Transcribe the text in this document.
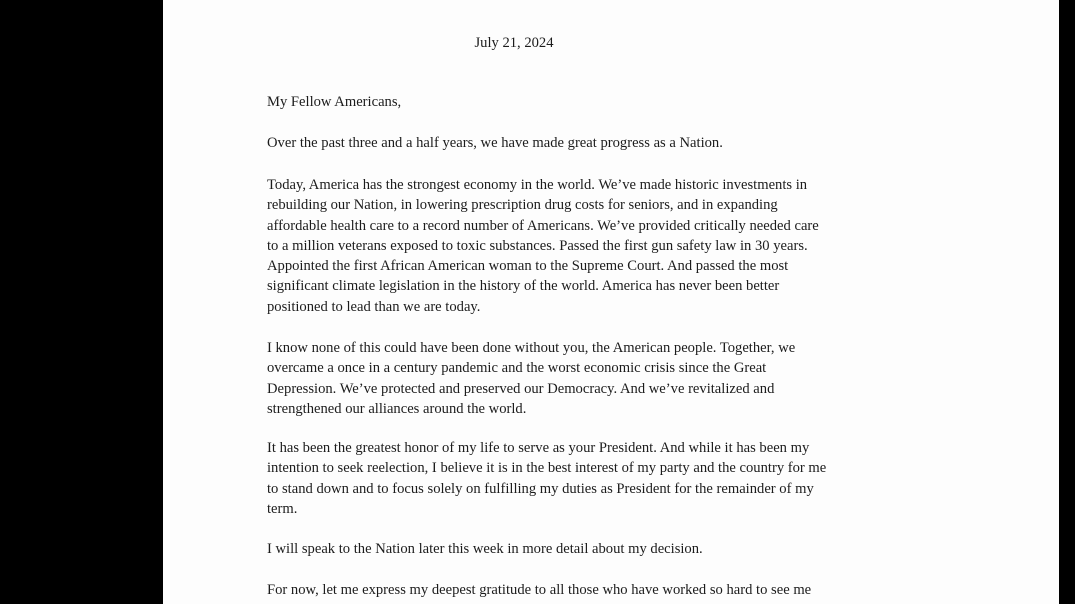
July 21, 2024

My Fellow Americans,

Over the past three and a half years, we have made great progress as a Nation.

Today, America has the strongest economy in the world. We’ve made historic investments in
rebuilding our Nation, in lowering prescription drug costs for seniors, and in expanding
affordable health care to a record number of Americans. We’ve provided critically needed care
to a million veterans exposed to toxic substances. Passed the first gun safety law in 30 years.
Appointed the first African American woman to the Supreme Court. And passed the most
significant climate legislation in the history of the world. America has never been better
positioned to lead than we are today.

I know none of this could have been done without you, the American people. Together, we
overcame a once in a century pandemic and the worst economic crisis since the Great
Depression. We’ve protected and preserved our Democracy. And we’ve revitalized and
strengthened our alliances around the world.

It has been the greatest honor of my life to serve as your President. And while it has been my
intention to seek reelection, I believe it is in the best interest of my party and the country for me
to stand down and to focus solely on fulfilling my duties as President for the remainder of my
term.

I will speak to the Nation later this week in more detail about my decision.

For now, let me express my deepest gratitude to all those who have worked so hard to see me
